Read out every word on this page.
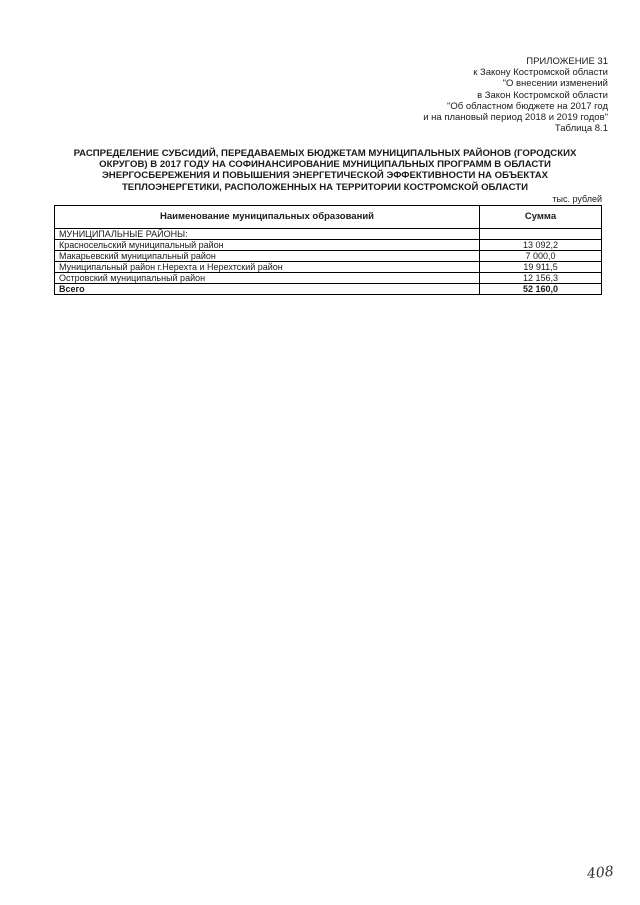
ПРИЛОЖЕНИЕ 31
к Закону Костромской области
"О внесении изменений
в Закон Костромской области
"Об областном бюджете на 2017 год
и на плановый период 2018 и 2019 годов"
Таблица 8.1
РАСПРЕДЕЛЕНИЕ СУБСИДИЙ, ПЕРЕДАВАЕМЫХ БЮДЖЕТАМ МУНИЦИПАЛЬНЫХ РАЙОНОВ (ГОРОДСКИХ
ОКРУГОВ) В 2017 ГОДУ НА СОФИНАНСИРОВАНИЕ МУНИЦИПАЛЬНЫХ ПРОГРАММ В ОБЛАСТИ
ЭНЕРГОСБЕРЕЖЕНИЯ И ПОВЫШЕНИЯ ЭНЕРГЕТИЧЕСКОЙ ЭФФЕКТИВНОСТИ НА ОБЪЕКТАХ
ТЕПЛОЭНЕРГЕТИКИ, РАСПОЛОЖЕННЫХ НА ТЕРРИТОРИИ КОСТРОМСКОЙ ОБЛАСТИ
тыс. рублей
Наименование муниципальных образований	Сумма
МУНИЦИПАЛЬНЫЕ РАЙОНЫ:	
Красносельский муниципальный район	13 092,2
Макарьевский муниципальный район	7 000,0
Муниципальный район г.Нерехта и Нерехтский район	19 911,5
Островский муниципальный район	12 156,3
Всего	52 160,0
408
